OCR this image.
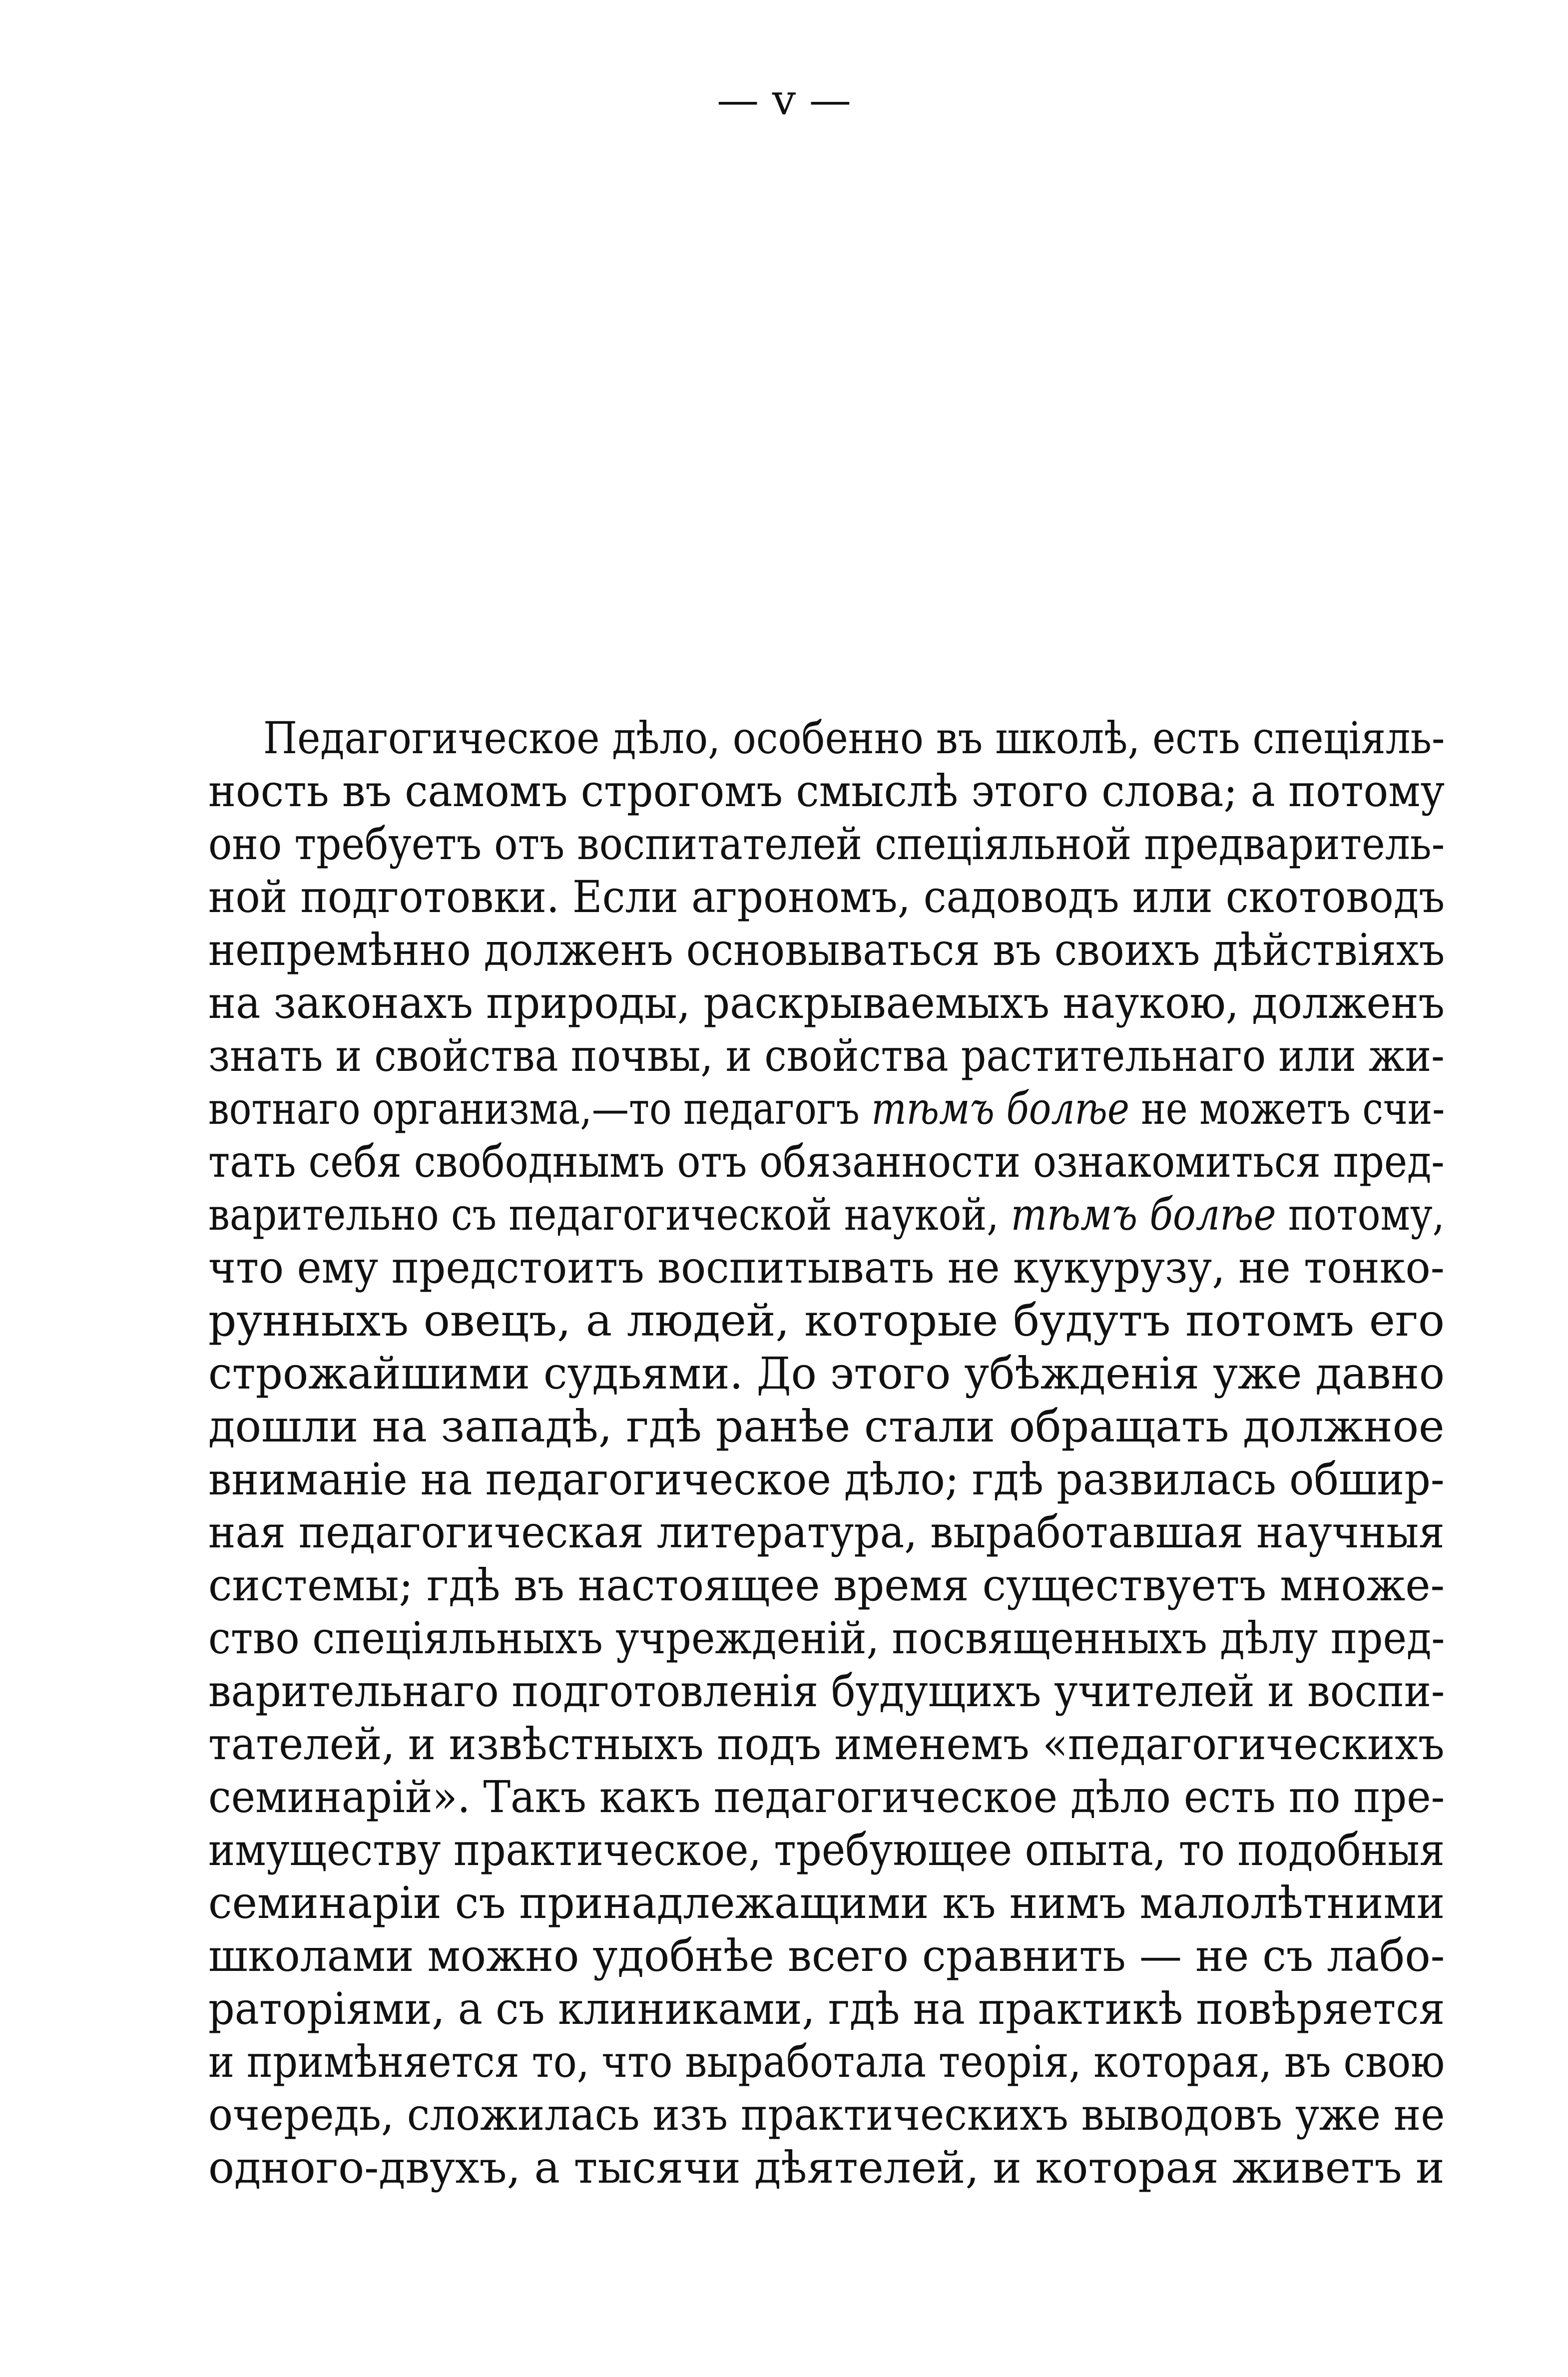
— v —
Педагогическое дѣло, особенно въ школѣ, есть спеціяль-
ность въ самомъ строгомъ смыслѣ этого слова; а потому
оно требуетъ отъ воспитателей спеціяльной предваритель-
ной подготовки. Если агрономъ, садоводъ или скотоводъ
непремѣнно долженъ основываться въ своихъ дѣйствіяхъ
на законахъ природы, раскрываемыхъ наукою, долженъ
знать и свойства почвы, и свойства растительнаго или жи-
вотнаго организма,—то педагогъ тѣмъ болѣе не можетъ счи-
тать себя свободнымъ отъ обязанности ознакомиться пред-
варительно съ педагогической наукой, тѣмъ болѣе потому,
что ему предстоитъ воспитывать не кукурузу, не тонко-
рунныхъ овецъ, а людей, которые будутъ потомъ его
строжайшими судьями. До этого убѣжденія уже давно
дошли на западѣ, гдѣ ранѣе стали обращать должное
вниманіе на педагогическое дѣло; гдѣ развилась обшир-
ная педагогическая литература, выработавшая научныя
системы; гдѣ въ настоящее время существуетъ множе-
ство спеціяльныхъ учрежденій, посвященныхъ дѣлу пред-
варительнаго подготовленія будущихъ учителей и воспи-
тателей, и извѣстныхъ подъ именемъ «педагогическихъ
семинарій». Такъ какъ педагогическое дѣло есть по пре-
имуществу практическое, требующее опыта, то подобныя
семинаріи съ принадлежащими къ нимъ малолѣтними
школами можно удобнѣе всего сравнить — не съ лабо-
раторіями, а съ клиниками, гдѣ на практикѣ повѣряется
и примѣняется то, что выработала теорія, которая, въ свою
очередь, сложилась изъ практическихъ выводовъ уже не
одного-двухъ, а тысячи дѣятелей, и которая живетъ и
